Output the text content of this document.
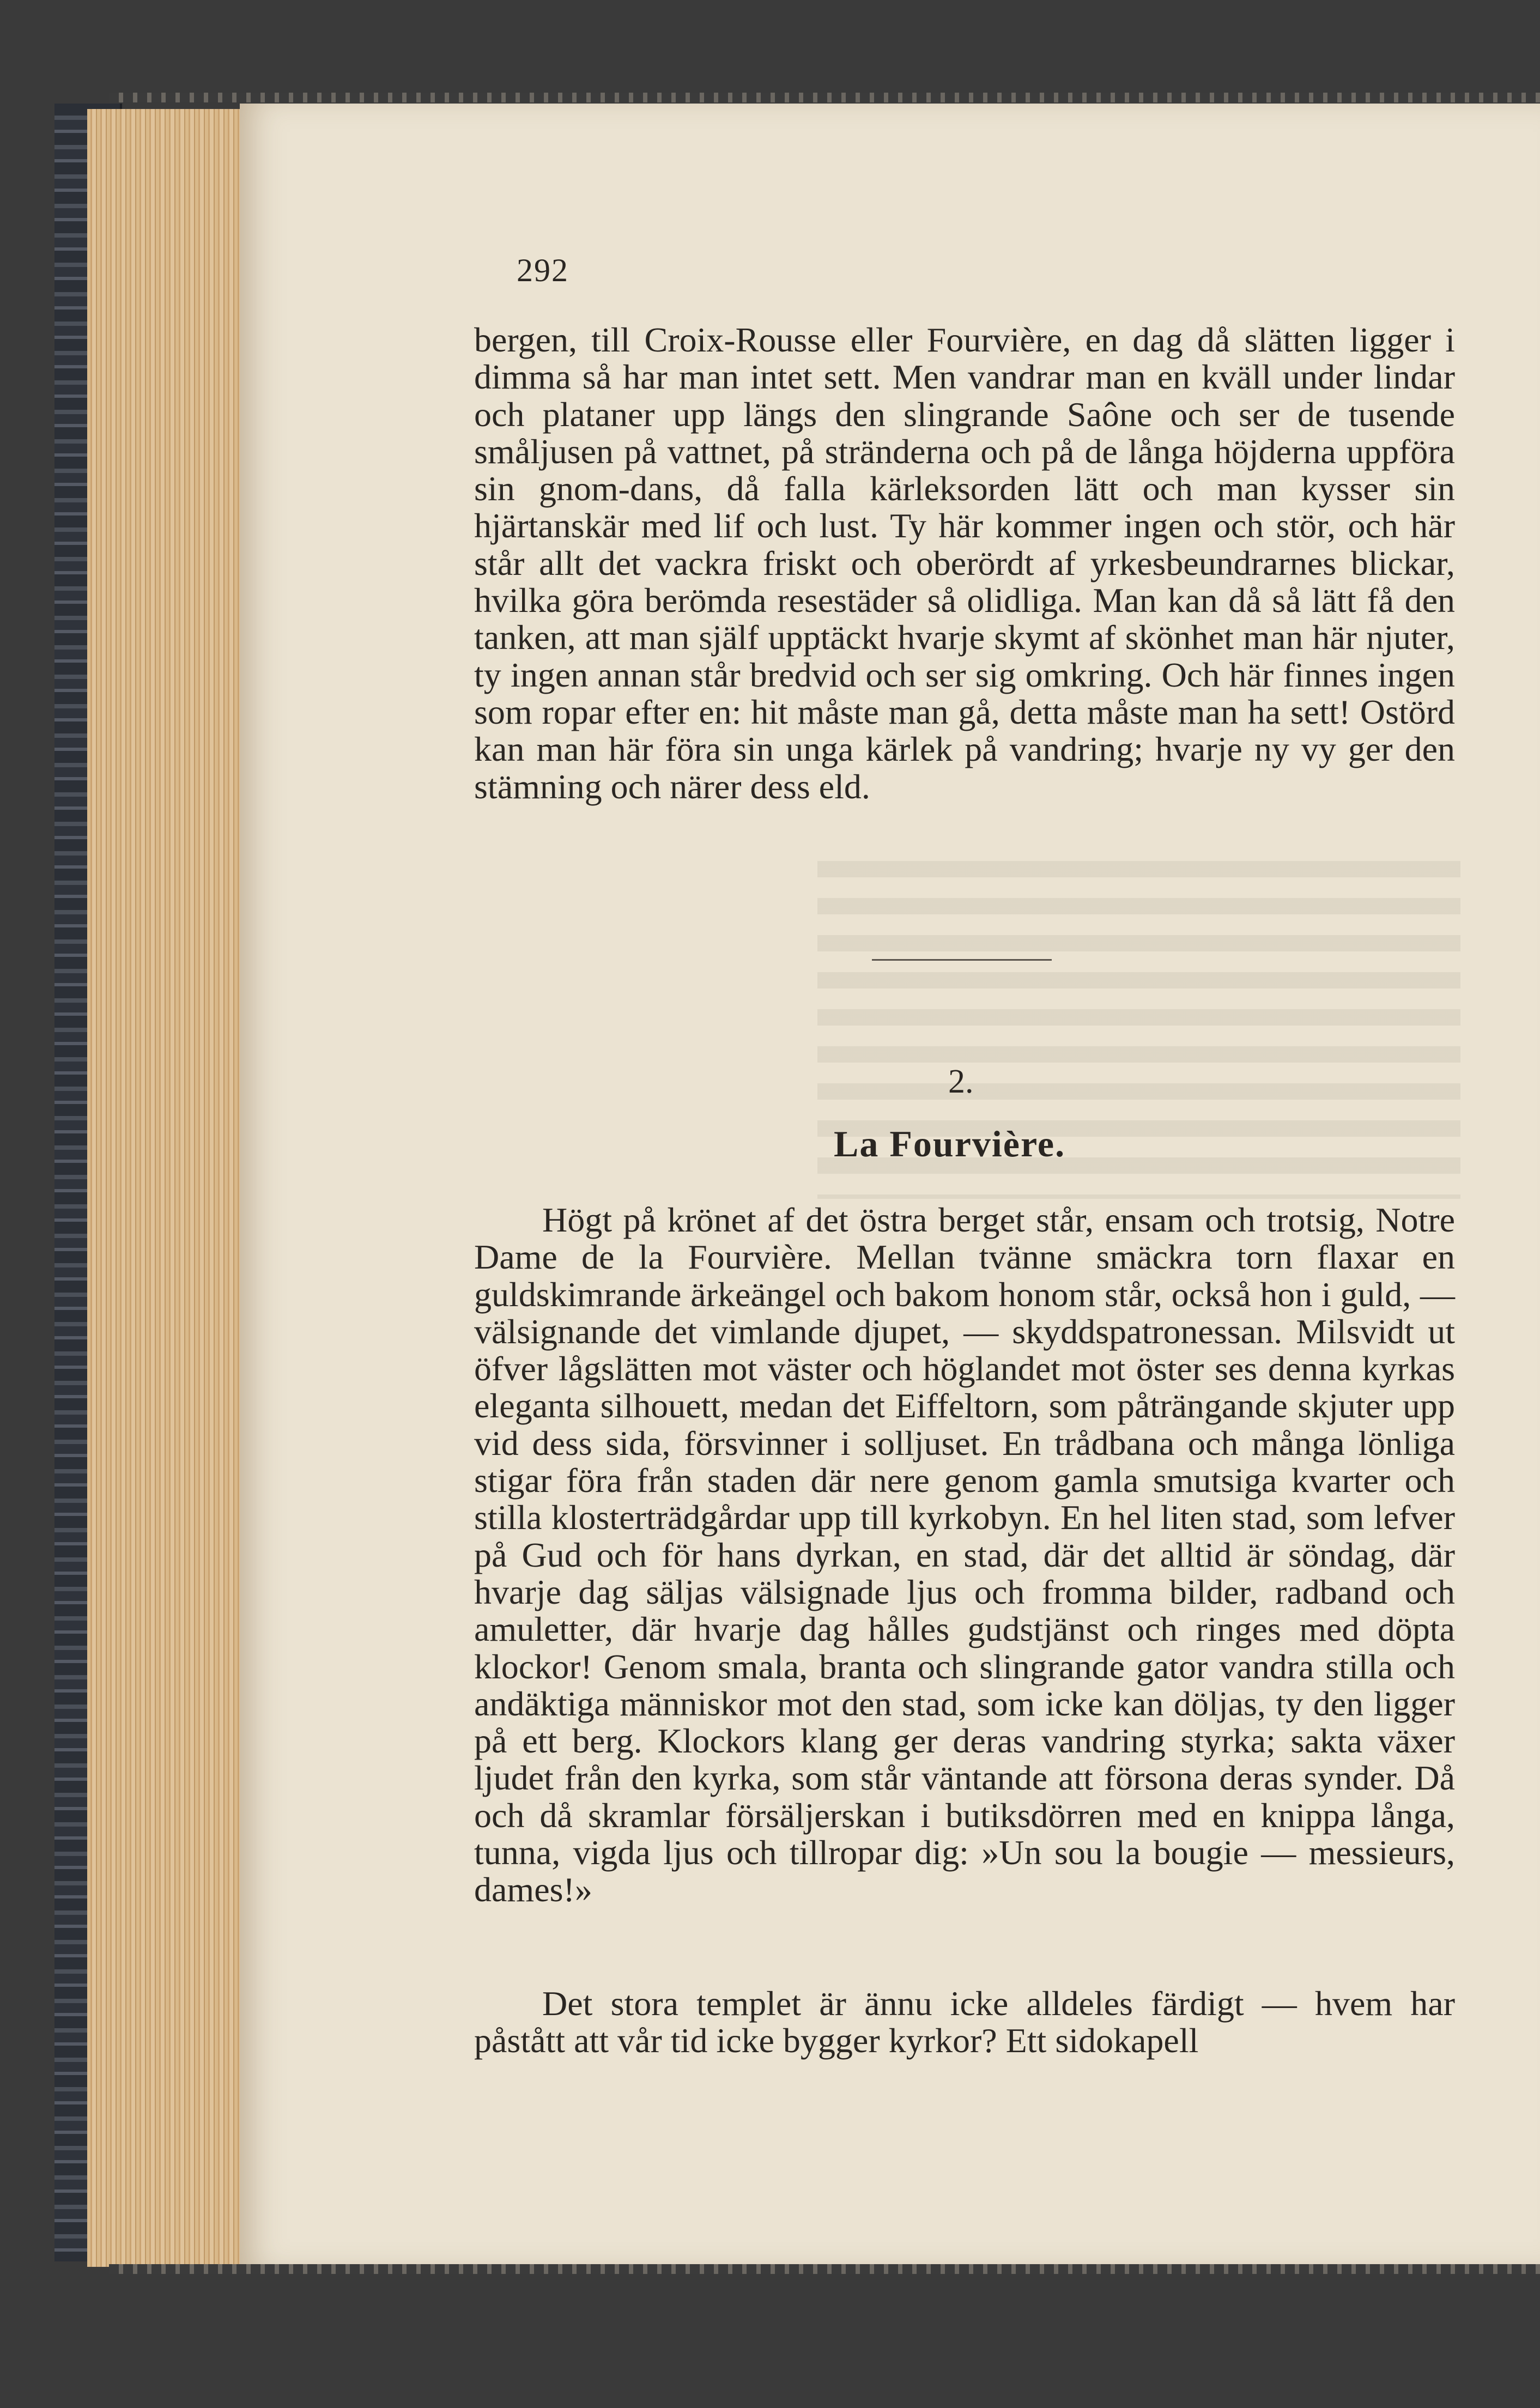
292

bergen, till Croix-Rousse eller Fourvière, en dag då slätten ligger i dimma så har man intet sett. Men vandrar man en kväll under lindar och plataner upp längs den slingrande Saône och ser de tusende småljusen på vattnet, på stränderna och på de långa höjderna uppföra sin gnom-dans, då falla kärleksorden lätt och man kysser sin hjärtanskär med lif och lust. Ty här kommer ingen och stör, och här står allt det vackra friskt och oberördt af yrkesbeundrarnes blickar, hvilka göra berömda resestäder så olidliga. Man kan då så lätt få den tanken, att man själf upptäckt hvarje skymt af skönhet man här njuter, ty ingen annan står bredvid och ser sig omkring. Och här finnes ingen som ropar efter en: hit måste man gå, detta måste man ha sett! Ostörd kan man här föra sin unga kärlek på vandring; hvarje ny vy ger den stämning och närer dess eld.

2.
La Fourvière.

Högt på krönet af det östra berget står, ensam och trotsig, Notre Dame de la Fourvière. Mellan tvänne smäckra torn flaxar en guldskimrande ärkeängel och bakom honom står, också hon i guld, — välsignande det vimlande djupet, — skyddspatronessan. Milsvidt ut öfver lågslätten mot väster och höglandet mot öster ses denna kyrkas eleganta silhouett, medan det Eiffeltorn, som påträngande skjuter upp vid dess sida, försvinner i solljuset. En trådbana och många lönliga stigar föra från staden där nere genom gamla smutsiga kvarter och stilla klosterträdgårdar upp till kyrkobyn. En hel liten stad, som lefver på Gud och för hans dyrkan, en stad, där det alltid är söndag, där hvarje dag säljas välsignade ljus och fromma bilder, radband och amuletter, där hvarje dag hålles gudstjänst och ringes med döpta klockor! Genom smala, branta och slingrande gator vandra stilla och andäktiga människor mot den stad, som icke kan döljas, ty den ligger på ett berg. Klockors klang ger deras vandring styrka; sakta växer ljudet från den kyrka, som står väntande att försona deras synder. Då och då skramlar försäljerskan i butiksdörren med en knippa långa, tunna, vigda ljus och tillropar dig: »Un sou la bougie — messieurs, dames!»

Det stora templet är ännu icke alldeles färdigt — hvem har påstått att vår tid icke bygger kyrkor? Ett sidokapell
